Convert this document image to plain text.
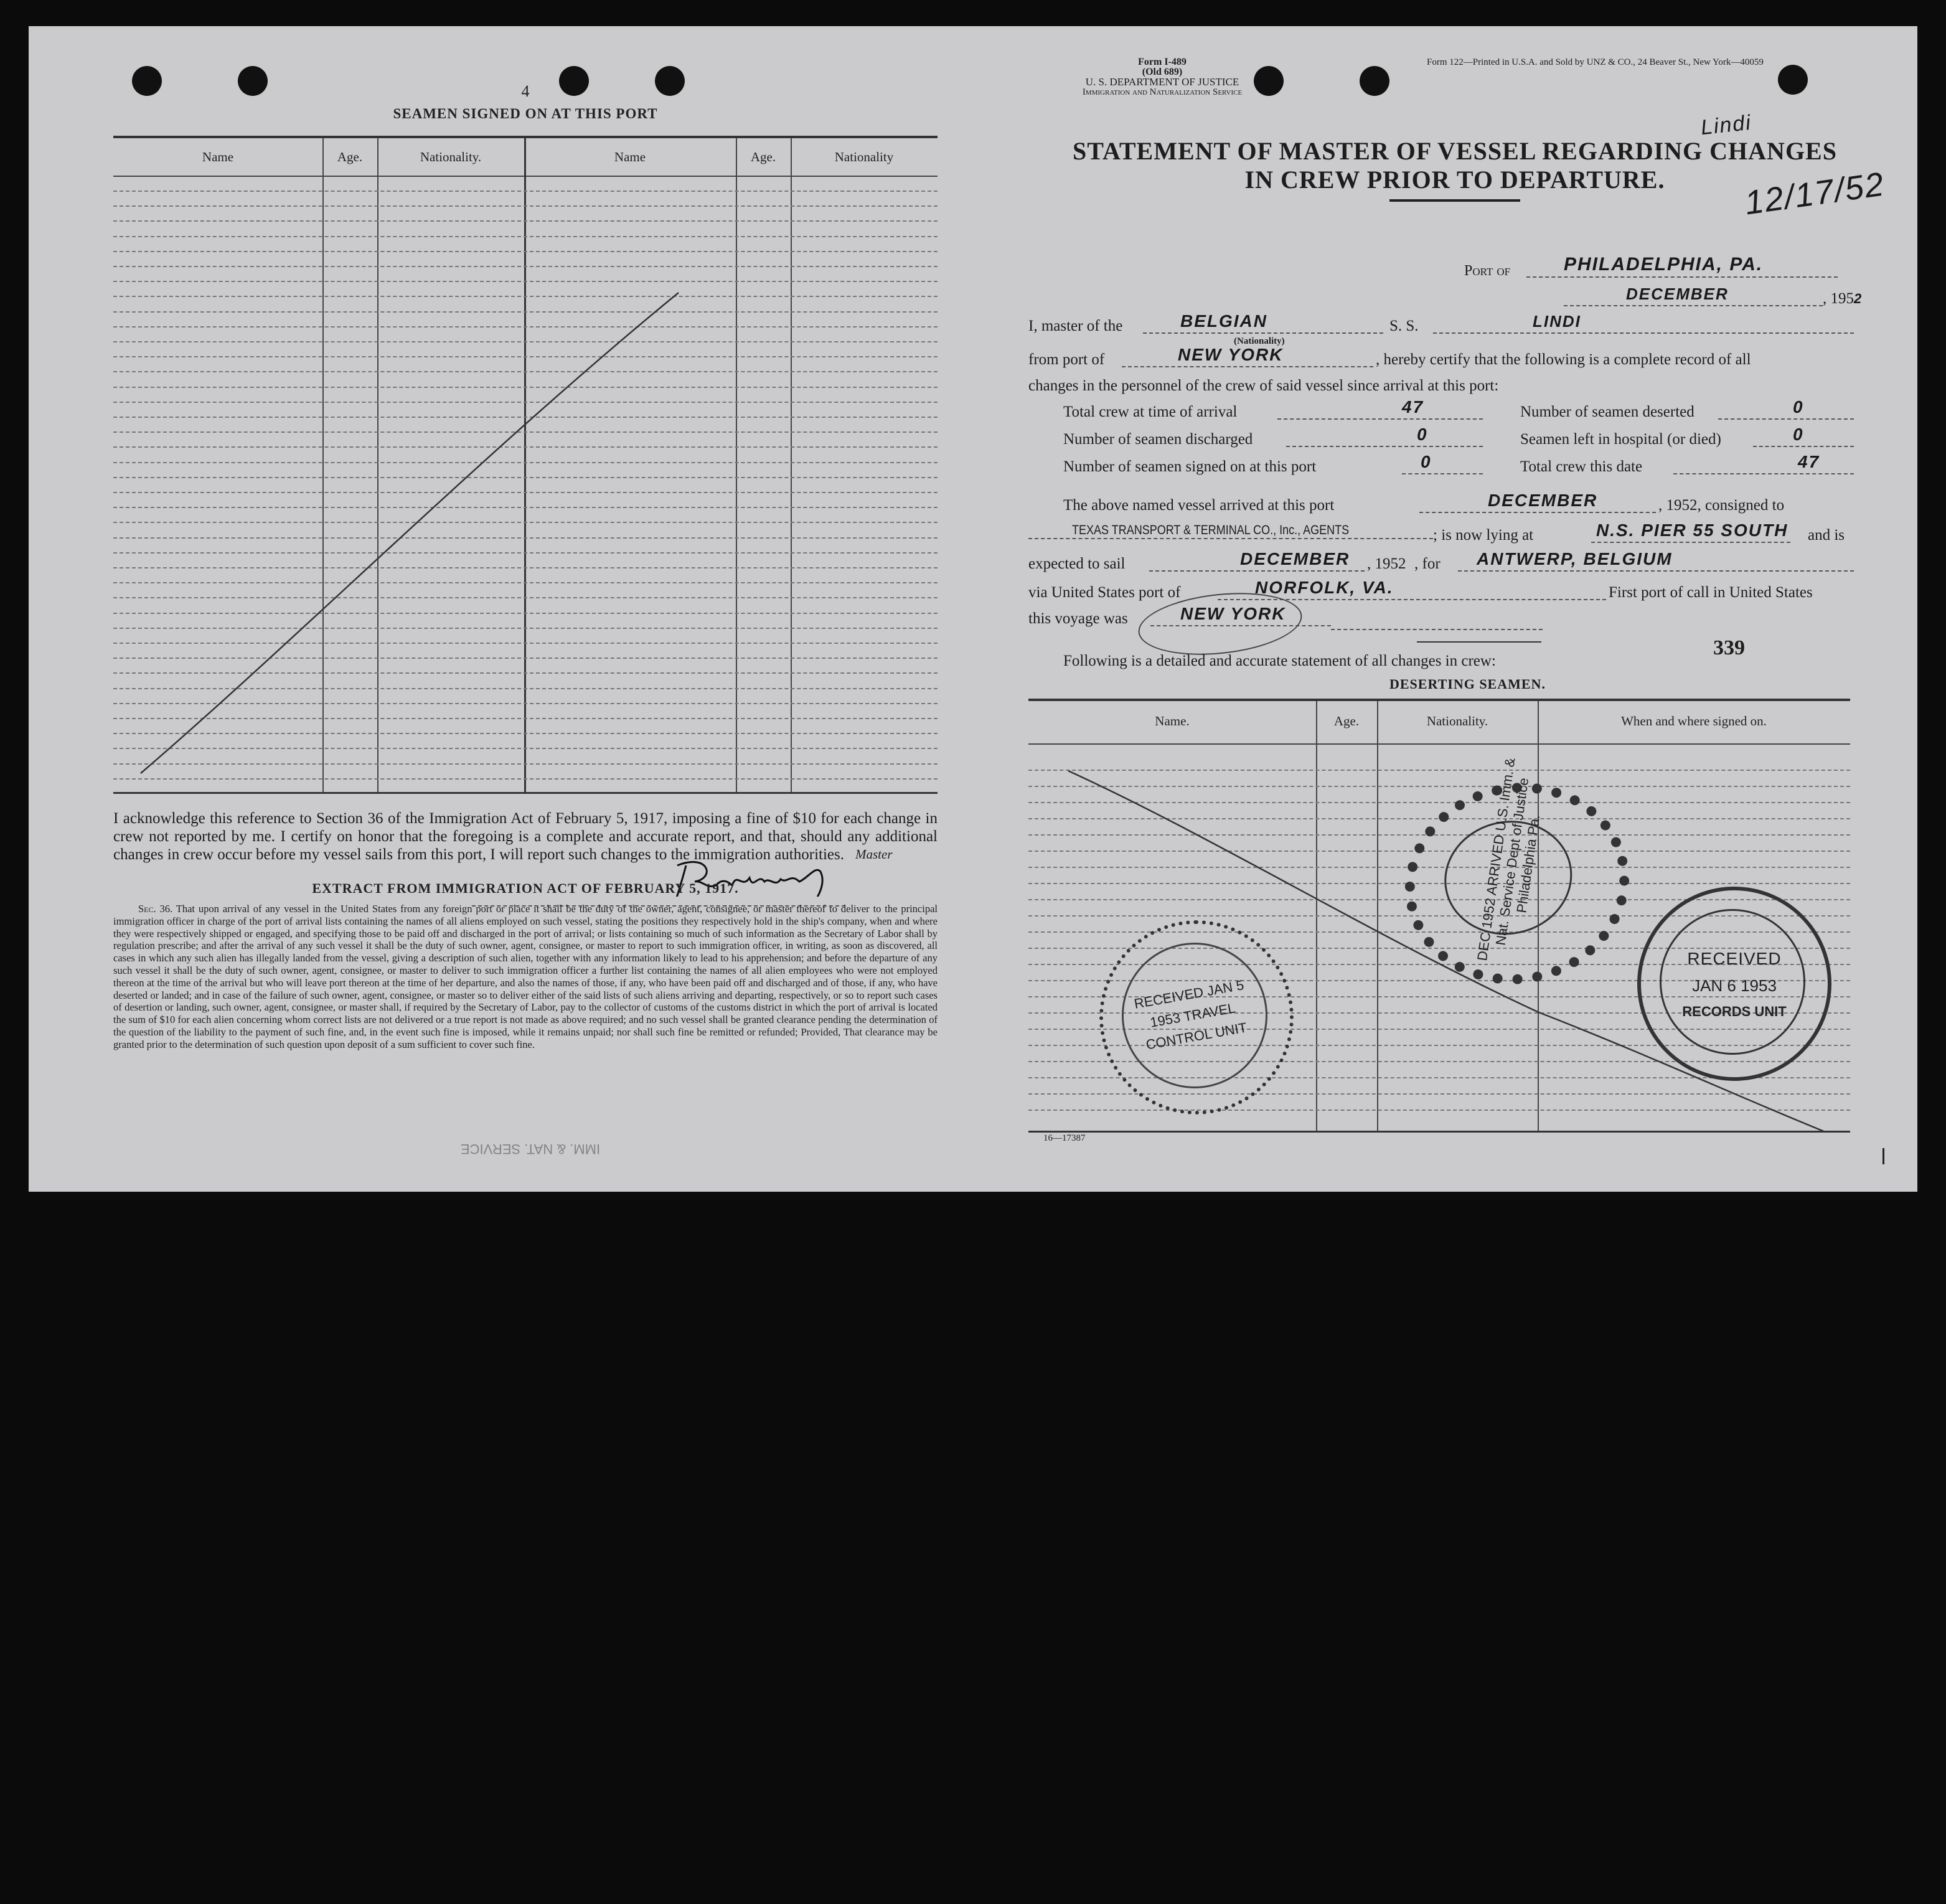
4
SEAMEN SIGNED ON AT THIS PORT
Name	Age.	Nationality.	Name	Age.	Nationality
I acknowledge this reference to Section 36 of the Immigration Act of February 5, 1917, imposing a fine of $10 for each change in crew not reported by me. I certify on honor that the foregoing is a complete and accurate report, and that, should any additional changes in crew occur before my vessel sails from this port, I will report such changes to the immigration authorities. Master
EXTRACT FROM IMMIGRATION ACT OF FEBRUARY 5, 1917.
Sec. 36. That upon arrival of any vessel in the United States from any foreign port or place it shall be the duty of the owner, agent, consignee, or master thereof to deliver to the principal immigration officer in charge of the port of arrival lists containing the names of all aliens employed on such vessel, stating the positions they respectively hold in the ship's company, when and where they were respectively shipped or engaged, and specifying those to be paid off and discharged in the port of arrival; or lists containing so much of such information as the Secretary of Labor shall by regulation prescribe; and after the arrival of any such vessel it shall be the duty of such owner, agent, consignee, or master to report to such immigration officer, in writing, as soon as discovered, all cases in which any such alien has illegally landed from the vessel, giving a description of such alien, together with any information likely to lead to his apprehension; and before the departure of any such vessel it shall be the duty of such owner, agent, consignee, or master to deliver to such immigration officer a further list containing the names of all alien employees who were not employed thereon at the time of the arrival but who will leave port thereon at the time of her departure, and also the names of those, if any, who have been paid off and discharged and of those, if any, who have deserted or landed; and in case of the failure of such owner, agent, consignee, or master so to deliver either of the said lists of such aliens arriving and departing, respectively, or so to report such cases of desertion or landing, such owner, agent, consignee, or master shall, if required by the Secretary of Labor, pay to the collector of customs of the customs district in which the port of arrival is located the sum of $10 for each alien concerning whom correct lists are not delivered or a true report is not made as above required; and no such vessel shall be granted clearance pending the determination of the question of the liability to the payment of such fine, and, in the event such fine is imposed, while it remains unpaid; nor shall such fine be remitted or refunded; Provided, That clearance may be granted prior to the determination of such question upon deposit of a sum sufficient to cover such fine.
IMM. & NAT. SERVICE
Form I-489
(Old 689)
U. S. DEPARTMENT OF JUSTICE
Immigration and Naturalization Service
Form 122—Printed in U.S.A. and Sold by UNZ & CO., 24 Beaver St., New York—40059
Lindi
STATEMENT OF MASTER OF VESSEL REGARDING CHANGES
IN CREW PRIOR TO DEPARTURE.	12/17/52
Port of	PHILADELPHIA, PA.
DECEMBER	, 1952
I, master of the	BELGIAN
(Nationality)
S. S.	LINDI
from port of	NEW YORK	, hereby certify that the following is a complete record of all
changes in the personnel of the crew of said vessel since arrival at this port:
Total crew at time of arrival	47	Number of seamen deserted	0
Number of seamen discharged	0	Seamen left in hospital (or died)	0
Number of seamen signed on at this port	0	Total crew this date	47
The above named vessel arrived at this port	DECEMBER	, 1952, consigned to
TEXAS TRANSPORT & TERMINAL CO., Inc., AGENTS	; is now lying at	N.S. PIER 55 SOUTH and is
expected to sail	DECEMBER , 1952 , for ANTWERP, BELGIUM
via United States port of	NORFOLK, VA.	First port of call in United States
this voyage was	NEW YORK
339
Following is a detailed and accurate statement of all changes in crew:
DESERTING SEAMEN.
Name.	Age.	Nationality.	When and where signed on.
16—17387
DEC 1952 ARRIVED U.S. Imm. & Nat. Service Dept of Justice Philadelphia Pa.
RECEIVED
JAN 6 1953
RECORDS UNIT
RECEIVED JAN 5 1953 TRAVEL CONTROL UNIT
